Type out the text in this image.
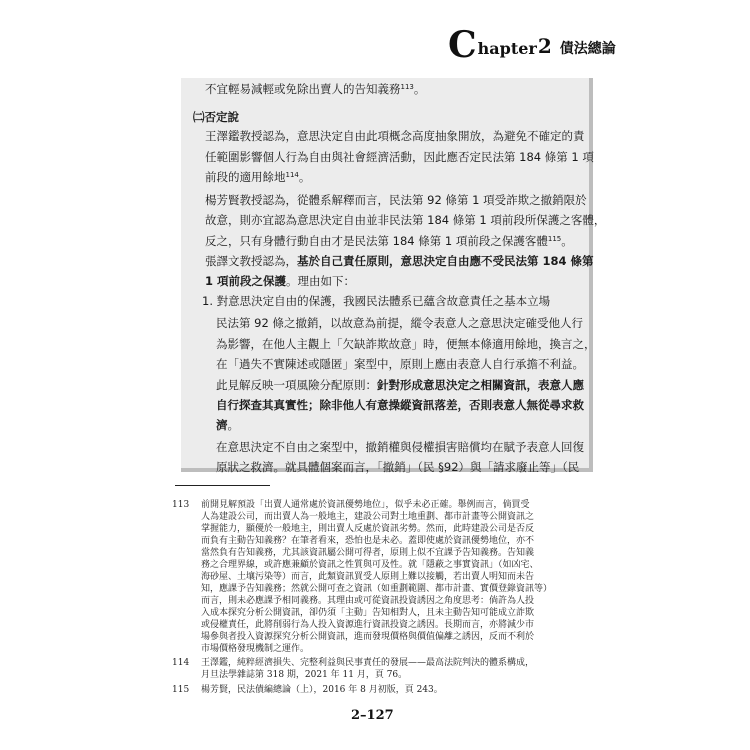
C hapter 2 債法總論
不宜輕易減輕或免除出賣人的告知義務$^{113}$。
㈡否定說
王澤鑑教授認為，意思決定自由此項概念高度抽象開放，為避免不確定的責
任範圍影響個人行為自由與社會經濟活動，因此應否定民法第 184 條第 1 項
前段的適用餘地$^{114}$。
楊芳賢教授認為，從體系解釋而言，民法第 92 條第 1 項受詐欺之撤銷限於
故意，則亦宜認為意思決定自由並非民法第 184 條第 1 項前段所保護之客體，
反之，只有身體行動自由才是民法第 184 條第 1 項前段之保護客體$^{115}$。
張譯文教授認為，基於自己責任原則，意思決定自由應不受民法第 184 條第
1 項前段之保護。理由如下：
1. 對意思決定自由的保護，我國民法體系已蘊含故意責任之基本立場
民法第 92 條之撤銷，以故意為前提，縱令表意人之意思決定確受他人行
為影響，在他人主觀上「欠缺詐欺故意」時，便無本條適用餘地，換言之，
在「過失不實陳述或隱匿」案型中，原則上應由表意人自行承擔不利益。
此見解反映一項風險分配原則：針對形成意思決定之相關資訊，表意人應
自行探查其真實性；除非他人有意操縱資訊落差，否則表意人無從尋求救
濟。
在意思決定不自由之案型中，撤銷權與侵權損害賠償均在賦予表意人回復
原狀之救濟。就具體個案而言，「撤銷」（民 §92）與「請求廢止等」（民
113 前開見解預設「出賣人通常處於資訊優勢地位」，似乎未必正確。舉例而言，倘買受
人為建設公司，而出賣人為一般地主，建設公司對土地重劃、都市計畫等公開資訊之
掌握能力，顯優於一般地主，則出賣人反處於資訊劣勢。然而，此時建設公司是否反
而負有主動告知義務？在筆者看來，恐怕也是未必。蓋即使處於資訊優勢地位，亦不
當然負有告知義務，尤其該資訊屬公開可得者，原則上似不宜課予告知義務。告知義
務之合理界線，或許應兼顧於資訊之性質與可及性。就「隱蔽之事實資訊」（如凶宅、
海砂屋、土壤污染等）而言，此類資訊買受人原則上難以接觸，若出賣人明知而未告
知，應課予告知義務；然就公開可查之資訊（如重劃範圍、都市計畫、實價登錄資訊等）
而言，則未必應課予相同義務。其理由或可從資訊投資誘因之角度思考：倘許為人投
入成本探究分析公開資訊，卻仍須「主動」告知相對人，且未主動告知可能成立詐欺
或侵權責任，此將削弱行為人投入資源進行資訊投資之誘因。長期而言，亦將減少市
場參與者投入資源探究分析公開資訊，進而發現價格與價值偏離之誘因，反而不利於
市場價格發現機制之運作。
114 王澤鑑，純粹經濟損失、完整利益與民事責任的發展——最高法院判決的體系構成，
月旦法學雜誌第 318 期，2021 年 11 月，頁 76。
115 楊芳賢，民法債編總論（上），2016 年 8 月初版，頁 243。
2–127
